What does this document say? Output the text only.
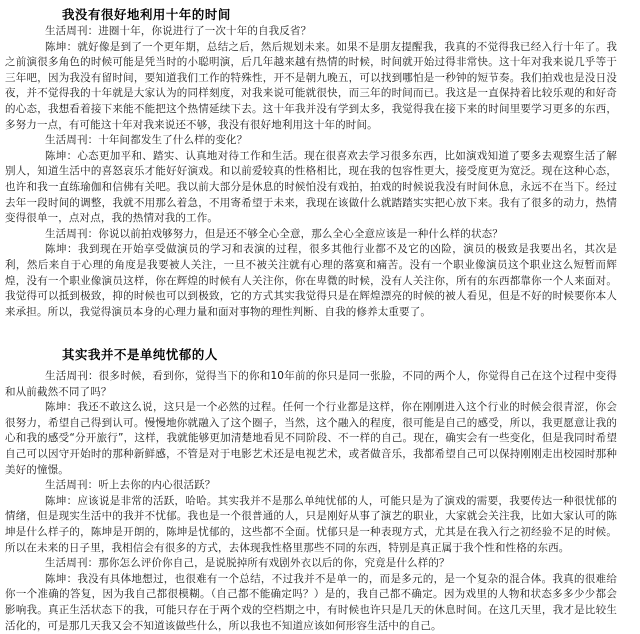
我没有很好地利用十年的时间

生活周刊：进圈十年，你说进行了一次十年的自我反省？

陈坤：就好像是到了一个更年期，总结之后，然后规划未来。如果不是朋友提醒我，我真的不觉得我已经入行十年了。我之前演很多角色的时候可能是凭当时的小聪明演，后几年越来越有热情的时候，时间就开始过得非常快。这十年对我来说几乎等于三年吧，因为我没有留时间，要知道我们工作的特殊性，开不是朝九晚五，可以找到哪怕是一秒钟的短节奏。我们拍戏也是没日没夜，并不觉得我的十年就是大家认为的同样刻度，对我来说可能就很快，而三年的时间而已。我这是一直保持着比较乐观的和好奇的心态，我想看着接下来能不能把这个热情延续下去。这十年我并没有学到太多，我觉得我在接下来的时间里要学习更多的东西，多努力一点，有可能这十年对我来说还不够，我没有很好地利用这十年的时间。

生活周刊：十年间都发生了什么样的变化？

陈坤：心态更加平和、踏实、认真地对待工作和生活。现在很喜欢去学习很多东西，比如演戏知道了要多去观察生活了解别人，知道生活中的喜怒哀乐才能好好演戏。和以前爱较真的性格相比，现在我的包容性更大，接受度更为宽泛。现在这种心态，也许和我一直练瑜伽和信佛有关吧。我以前大部分是休息的时候怕没有戏拍，拍戏的时候说我没有时间休息，永远不在当下。经过去年一段时间的调整，我就不用那么着急，不用寄希望于未来，我现在该做什么就踏踏实实把心放下来。我有了很多的动力，热情变得很单一，点对点，我的热情对我的工作。

生活周刊：你说以前拍戏够努力，但是还不够全心全意，那么全心全意应该是一种什么样的状态？

陈坤：我到现在开始享受做演员的学习和表演的过程，很多其他行业都不及它的凶险，演员的极致是我要出名，其次是利，然后来自于心理的角度是我要被人关注，一旦不被关注就有心理的落寞和痛苦。没有一个职业像演员这个职业这么短暂而辉煌，没有一个职业像演员这样，你在辉煌的时候有人关注你，你在卑微的时候，没有人关注你，所有的东西都靠你一个人来面对。我觉得可以抵到极致，抑的时候也可以到极致，它的方式其实我觉得只是在辉煌漂亮的时候的被人看见，但是不好的时候要你本人来承担。所以，我觉得演员本身的心理力量和面对事物的理性判断、自我的修养太重要了。

其实我并不是单纯忧郁的人

生活周刊：很多时候，看到你，觉得当下的你和10年前的你只是同一张脸，不同的两个人，你觉得自己在这个过程中变得和从前截然不同了吗？

陈坤：我还不敢这么说，这只是一个必然的过程。任何一个行业都是这样，你在刚刚进入这个行业的时候会很青涩，你会很努力，希望自己得到认可。慢慢地你就融入了这个圈子，当然，这个融入的程度，很可能是自己的感受，所以，我更愿意让我的心和我的感受“分开旅行”，这样，我就能够更加清楚地看见不同阶段、不一样的自己。现在，确实会有一些变化，但是我同时希望自己可以因守开始时的那种新鲜感，不管是对于电影艺术还是电视艺术，或者做音乐，我都希望自己可以保持刚刚走出校园时那种美好的憧憬。

生活周刊：听上去你的内心很活跃？

陈坤：应该说是非常的活跃，哈哈。其实我并不是那么单纯忧郁的人，可能只是为了演戏的需要，我要传达一种很忧郁的情绪，但是现实生活中的我并不忧郁。我也是一个很普通的人，只是刚好从事了演艺的职业，大家就会关注我，比如大家认可的陈坤是什么样子的，陈坤是开朗的，陈坤是忧郁的，这些都不全面。忧郁只是一种表现方式，尤其是在我入行之初经验不足的时候。所以在未来的日子里，我相信会有很多的方式，去体现我性格里那些不同的东西，特别是真正属于我个性和性格的东西。

生活周刊：那你怎么评价你自己，是说脱掉所有戏剧外衣以后的你，究竟是什么样的？

陈坤：我没有具体地想过，也很难有一个总结，不过我并不是单一的，而是多元的，是一个复杂的混合体。我真的很难给你一个准确的答复，因为我自己都很模糊。（自己都不能确定吗？）是的，我自己都不确定。因为戏里的人物和状态多多少少都会影响我。真正生活状态下的我，可能只存在于两个戏的空档期之中，有时候也许只是几天的休息时间。在这几天里，我才是比较生活化的，可是那几天我又会不知道该做些什么，所以我也不知道应该如何形容生活中的自己。
